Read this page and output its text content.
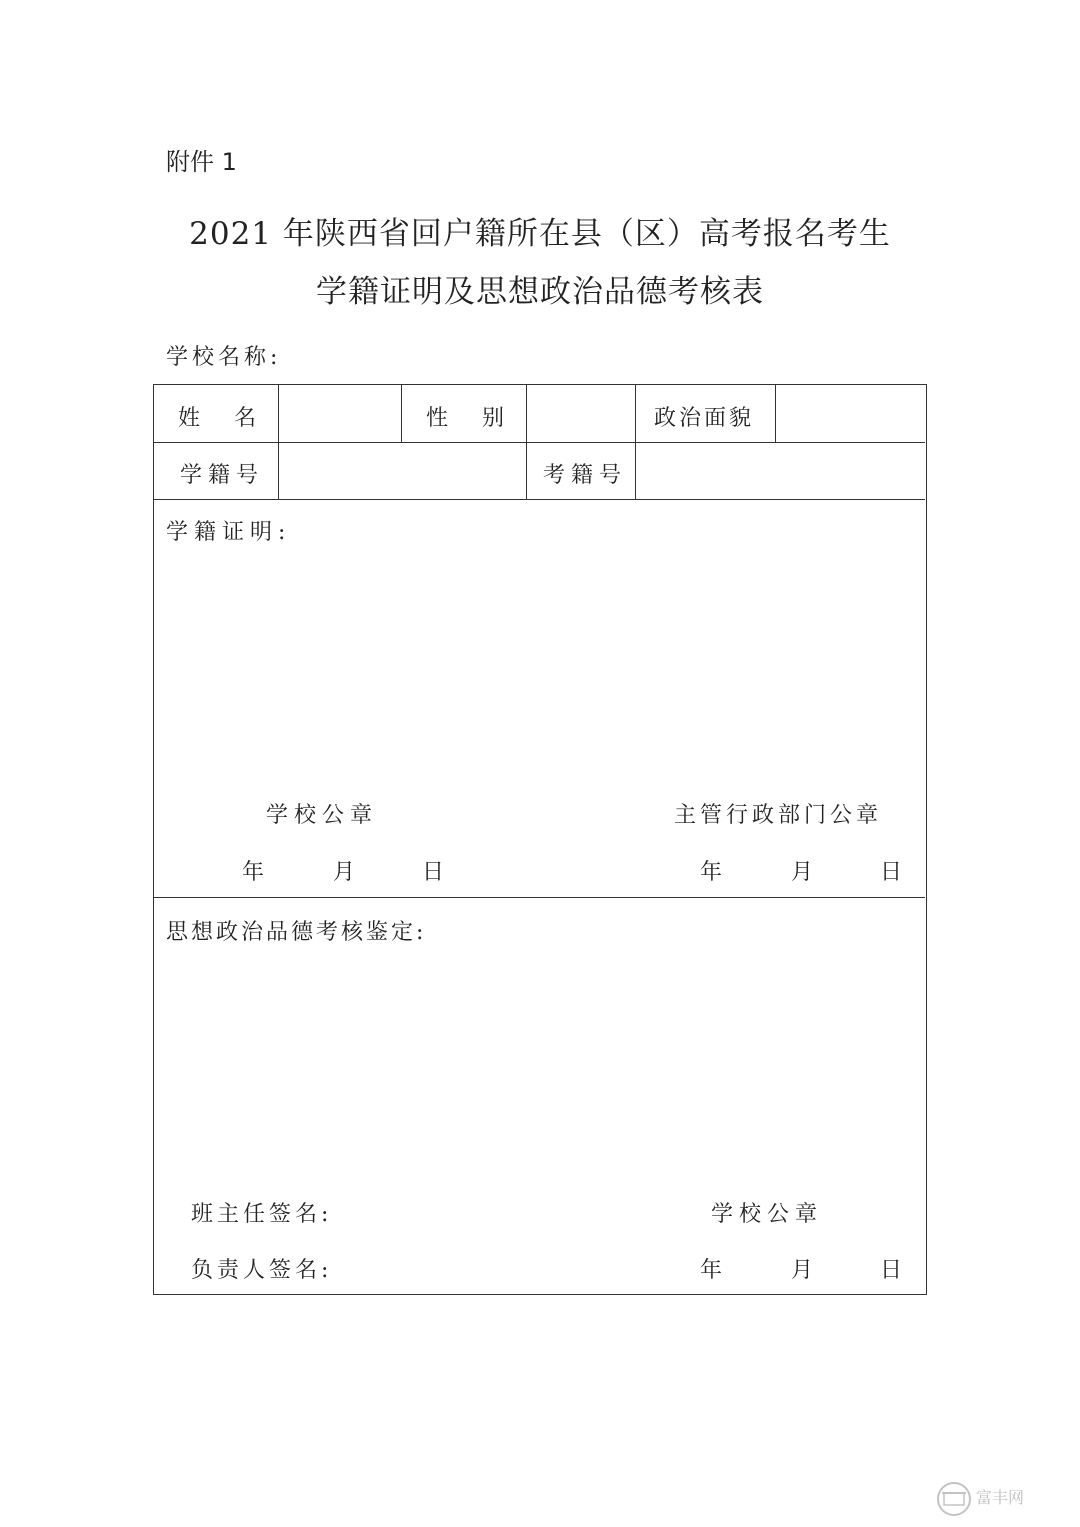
附件 1
2021 年陕西省回户籍所在县（区）高考报名考生
学籍证明及思想政治品德考核表
学校名称:
姓　名	性　别	政治面貌
学籍号	考籍号
学籍证明:
学校公章	主管行政部门公章
年	月	日	年	月	日
思想政治品德考核鉴定:
班主任签名:	学校公章
负责人签名:	年	月	日
富丰网
